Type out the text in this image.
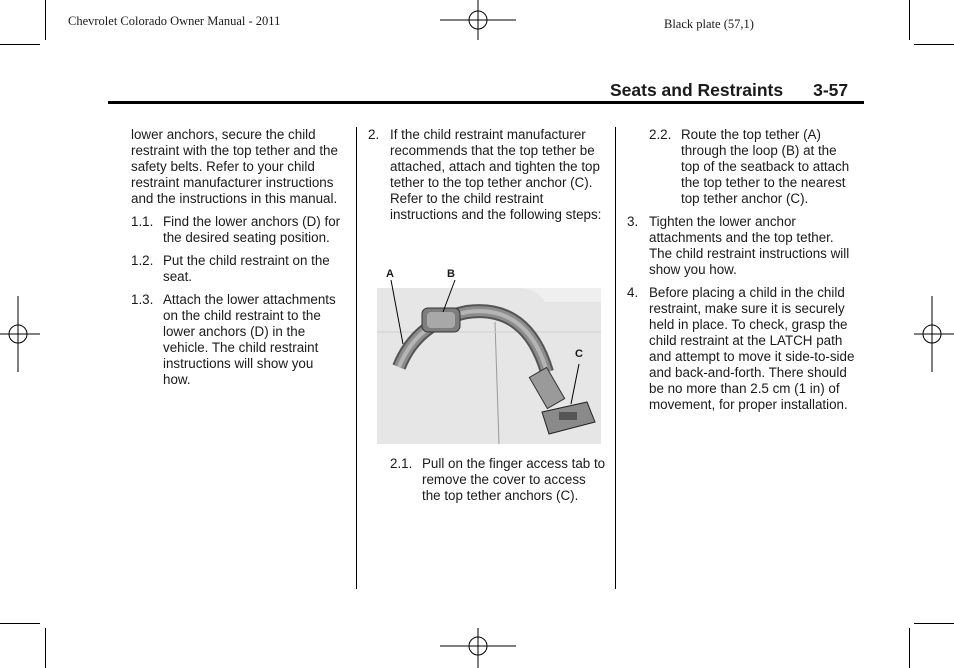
Chevrolet Colorado Owner Manual - 2011	Black plate (57,1)
Seats and Restraints 3-57

lower anchors, secure the child restraint with the top tether and the safety belts. Refer to your child restraint manufacturer instructions and the instructions in this manual.

1.1. Find the lower anchors (D) for the desired seating position.
1.2. Put the child restraint on the seat.
1.3. Attach the lower attachments on the child restraint to the lower anchors (D) in the vehicle. The child restraint instructions will show you how.
2. If the child restraint manufacturer recommends that the top tether be attached, attach and tighten the top tether to the top tether anchor (C). Refer to the child restraint instructions and the following steps:
A	B
C
2.1. Pull on the finger access tab to remove the cover to access the top tether anchors (C).
2.2. Route the top tether (A) through the loop (B) at the top of the seatback to attach the top tether to the nearest top tether anchor (C).
3. Tighten the lower anchor attachments and the top tether. The child restraint instructions will show you how.
4. Before placing a child in the child restraint, make sure it is securely held in place. To check, grasp the child restraint at the LATCH path and attempt to move it side-to-side and back-and-forth. There should be no more than 2.5 cm (1 in) of movement, for proper installation.
